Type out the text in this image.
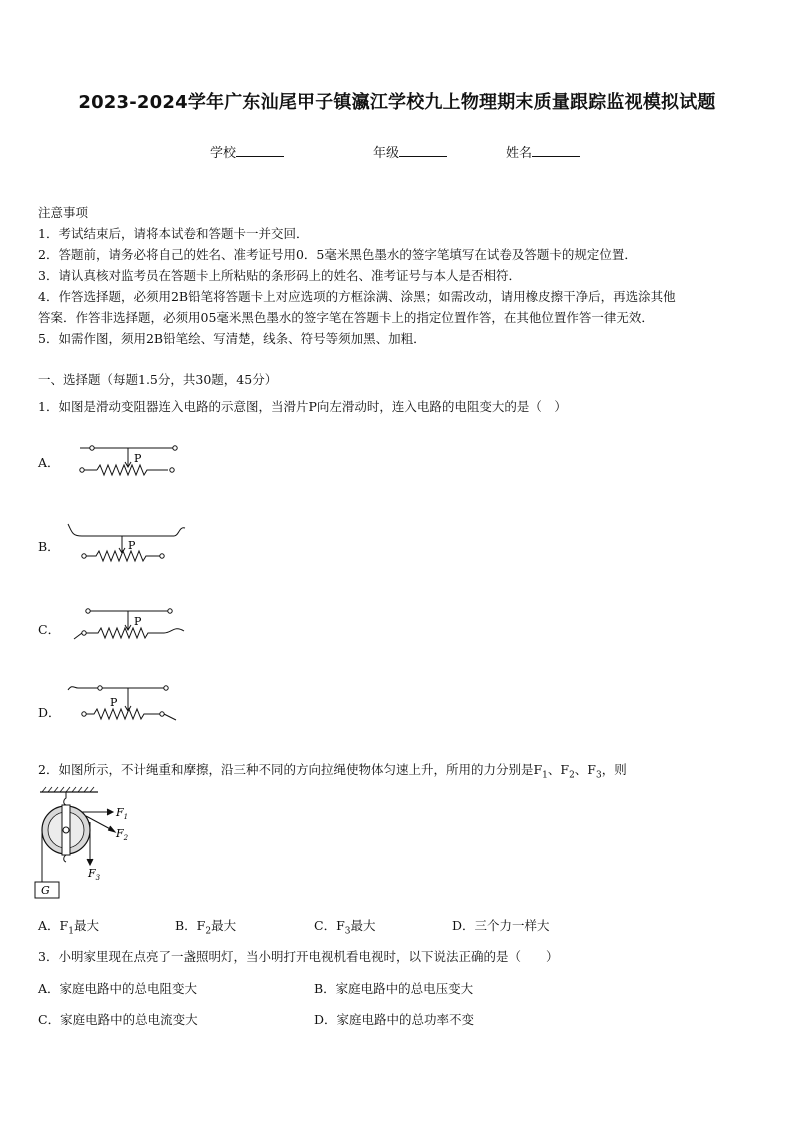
2023-2024学年广东汕尾甲子镇瀛江学校九上物理期末质量跟踪监视模拟试题
学校	年级	姓名
注意事项
1．考试结束后，请将本试卷和答题卡一并交回．
2．答题前，请务必将自己的姓名、准考证号用0．5毫米黑色墨水的签字笔填写在试卷及答题卡的规定位置．
3．请认真核对监考员在答题卡上所粘贴的条形码上的姓名、准考证号与本人是否相符．
4．作答选择题，必须用2B铅笔将答题卡上对应选项的方框涂满、涂黑；如需改动，请用橡皮擦干净后，再选涂其他
答案．作答非选择题，必须用05毫米黑色墨水的签字笔在答题卡上的指定位置作答，在其他位置作答一律无效．
5．如需作图，须用2B铅笔绘、写清楚，线条、符号等须加黑、加粗．
一、选择题（每题1.5分，共30题，45分）
1．如图是滑动变阻器连入电路的示意图，当滑片P向左滑动时，连入电路的电阻变大的是（　）
A．	P
B．	P
C．
P
D．
P
2．如图所示，不计绳重和摩擦，沿三种不同的方向拉绳使物体匀速上升，所用的力分别是$F_1$、$F_2$、$F_3$，则
G
$F_1$
$F_2$
$F_3$
A．$F_1$最大	B．$F_2$最大	C．$F_3$最大	D．三个力一样大
3．小明家里现在点亮了一盏照明灯，当小明打开电视机看电视时，以下说法正确的是（　　）
A．家庭电路中的总电阻变大	B．家庭电路中的总电压变大
C．家庭电路中的总电流变大	D．家庭电路中的总功率不变
